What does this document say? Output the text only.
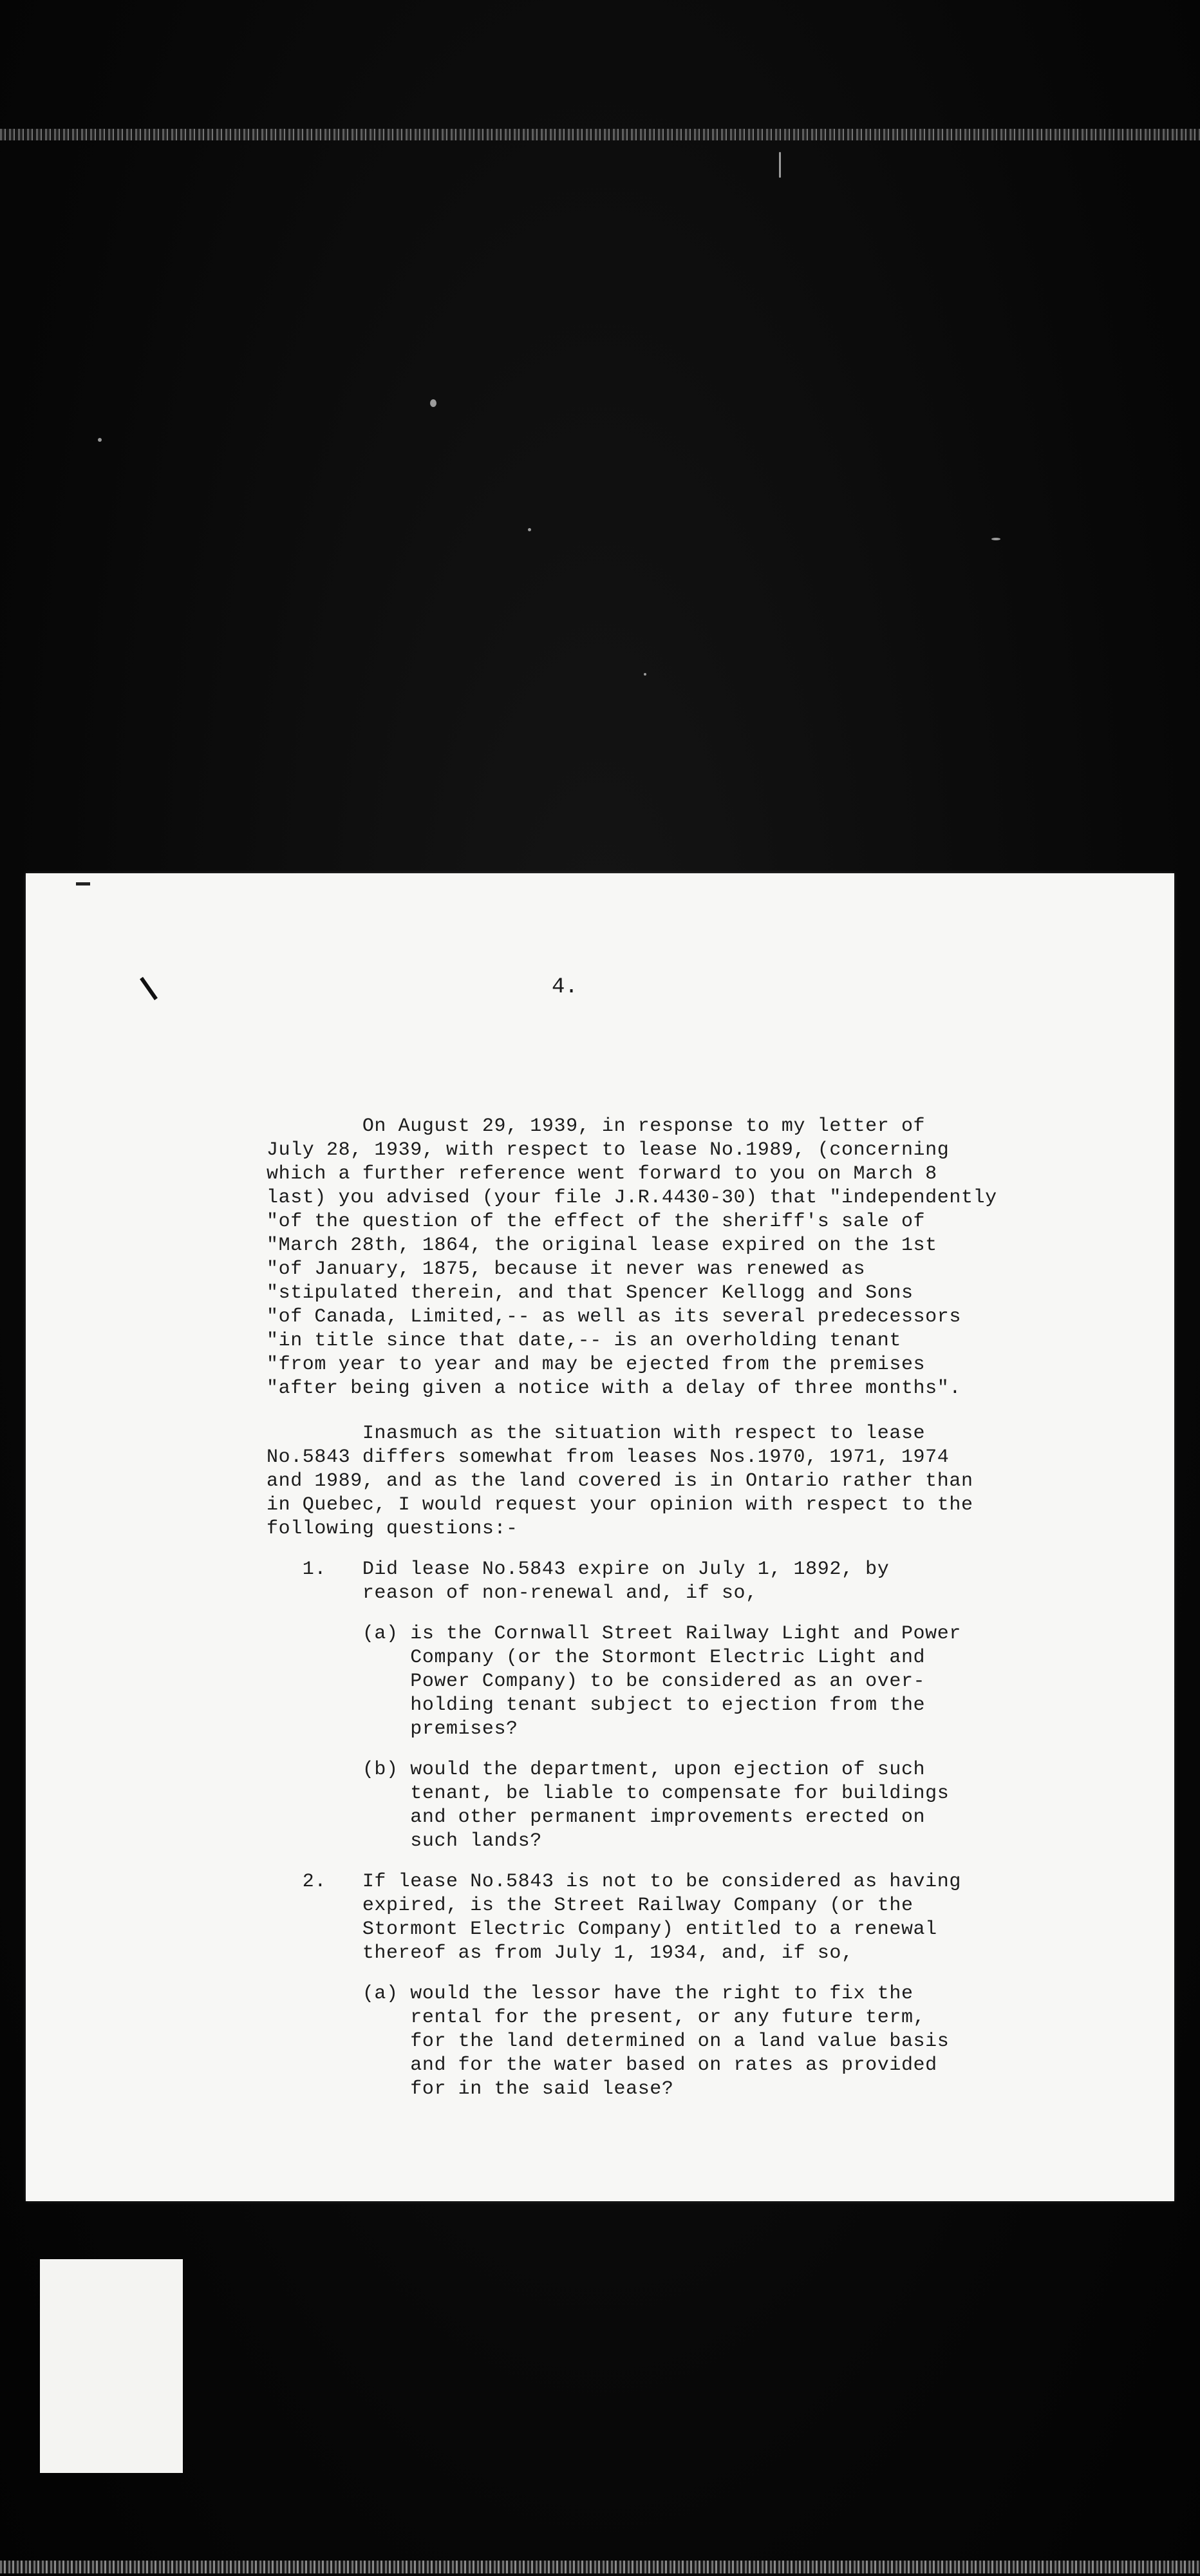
4.

On August 29, 1939, in response to my letter of
July 28, 1939, with respect to lease No.1989, (concerning
which a further reference went forward to you on March 8
last) you advised (your file J.R.4430-30) that "independently
"of the question of the effect of the sheriff's sale of
"March 28th, 1864, the original lease expired on the 1st
"of January, 1875, because it never was renewed as
"stipulated therein, and that Spencer Kellogg and Sons
"of Canada, Limited,-- as well as its several predecessors
"in title since that date,-- is an overholding tenant
"from year to year and may be ejected from the premises
"after being given a notice with a delay of three months".
Inasmuch as the situation with respect to lease
No.5843 differs somewhat from leases Nos.1970, 1971, 1974
and 1989, and as the land covered is in Ontario rather than
in Quebec, I would request your opinion with respect to the
following questions:-
1.   Did lease No.5843 expire on July 1, 1892, by
reason of non-renewal and, if so,
(a) is the Cornwall Street Railway Light and Power
Company (or the Stormont Electric Light and
Power Company) to be considered as an over-
holding tenant subject to ejection from the
premises?
(b) would the department, upon ejection of such
tenant, be liable to compensate for buildings
and other permanent improvements erected on
such lands?
2.   If lease No.5843 is not to be considered as having
expired, is the Street Railway Company (or the
Stormont Electric Company) entitled to a renewal
thereof as from July 1, 1934, and, if so,
(a) would the lessor have the right to fix the
rental for the present, or any future term,
for the land determined on a land value basis
and for the water based on rates as provided
for in the said lease?
